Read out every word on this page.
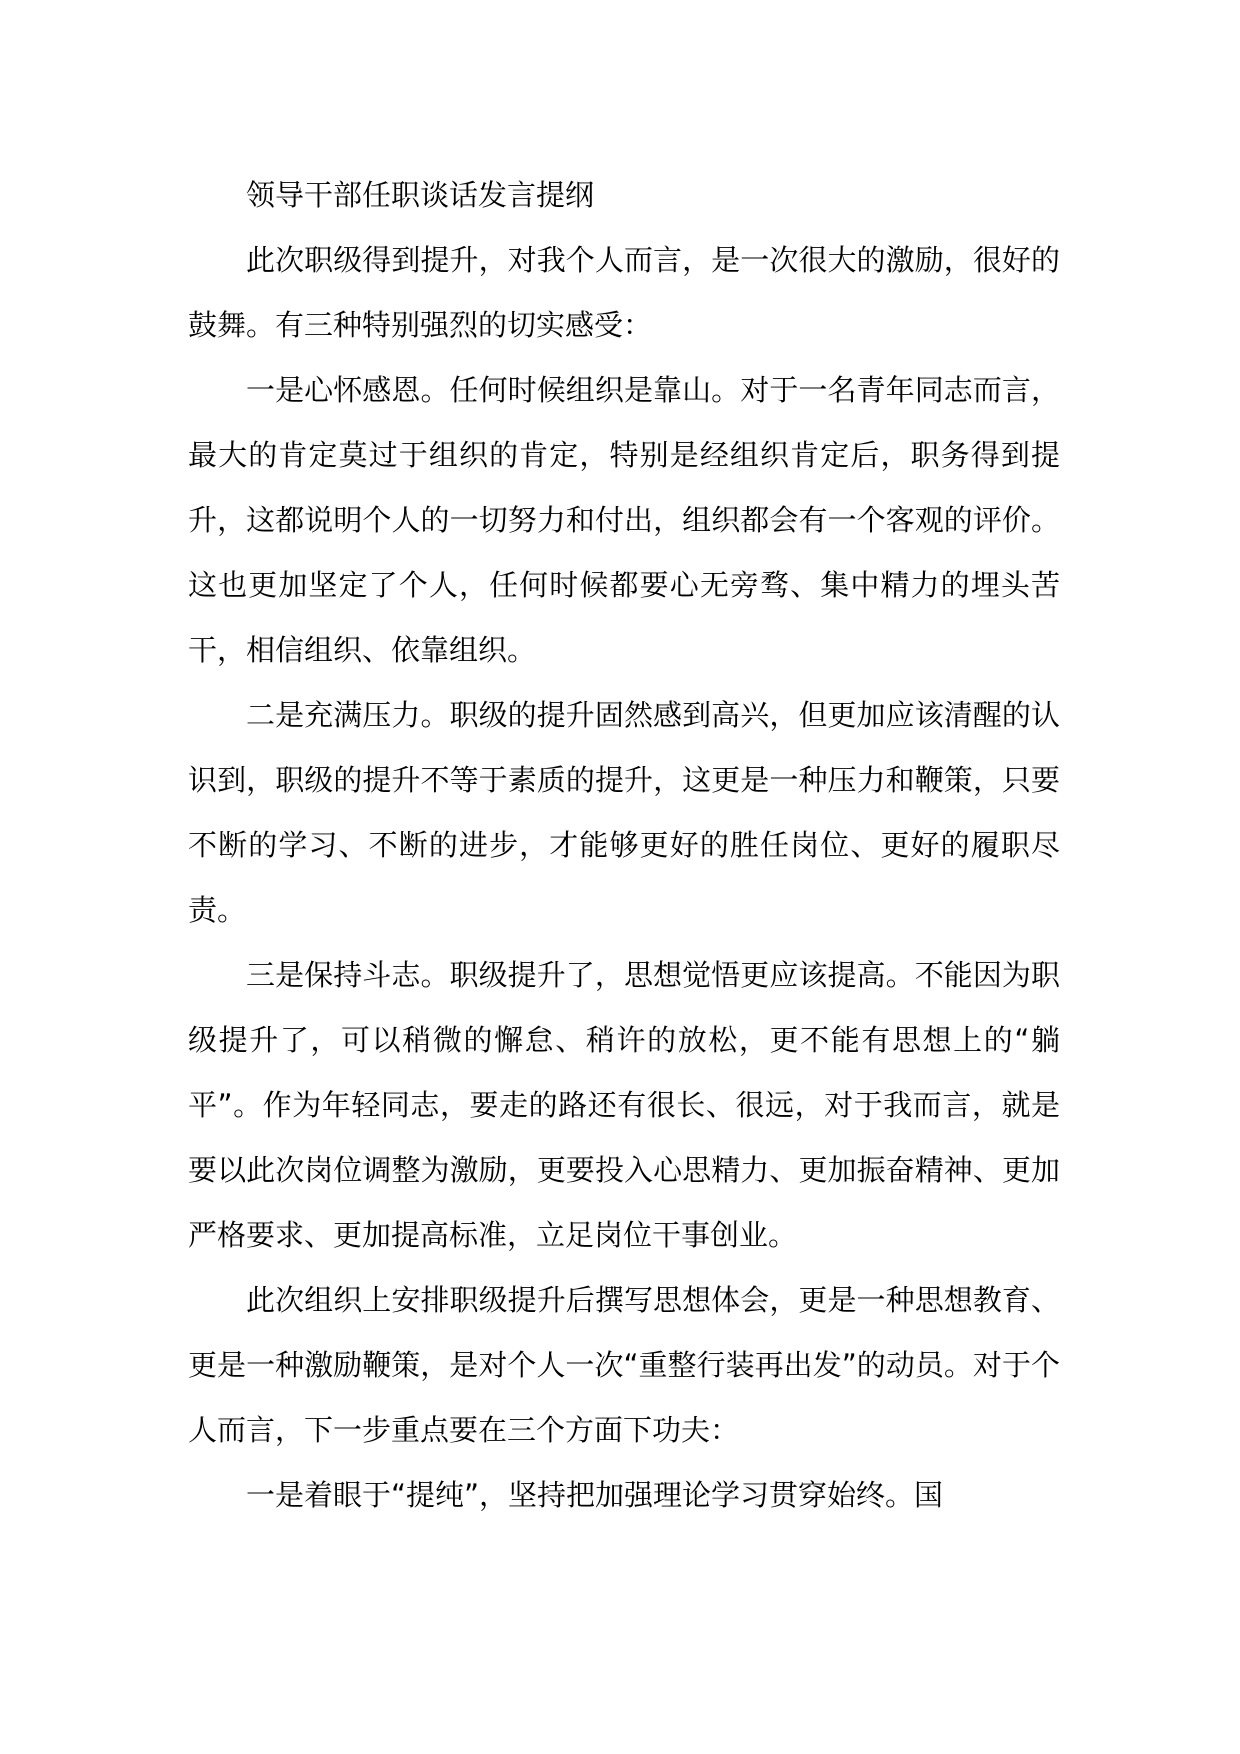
领导干部任职谈话发言提纲

此次职级得到提升，对我个人而言，是一次很大的激励，很好的鼓舞。有三种特别强烈的切实感受：

一是心怀感恩。任何时候组织是靠山。对于一名青年同志而言，最大的肯定莫过于组织的肯定，特别是经组织肯定后，职务得到提升，这都说明个人的一切努力和付出，组织都会有一个客观的评价。这也更加坚定了个人，任何时候都要心无旁骛、集中精力的埋头苦干，相信组织、依靠组织。

二是充满压力。职级的提升固然感到高兴，但更加应该清醒的认识到，职级的提升不等于素质的提升，这更是一种压力和鞭策，只要不断的学习、不断的进步，才能够更好的胜任岗位、更好的履职尽责。

三是保持斗志。职级提升了，思想觉悟更应该提高。不能因为职级提升了，可以稍微的懈怠、稍许的放松，更不能有思想上的“躺平”。作为年轻同志，要走的路还有很长、很远，对于我而言，就是要以此次岗位调整为激励，更要投入心思精力、更加振奋精神、更加严格要求、更加提高标准，立足岗位干事创业。

此次组织上安排职级提升后撰写思想体会，更是一种思想教育、更是一种激励鞭策，是对个人一次“重整行装再出发”的动员。对于个人而言，下一步重点要在三个方面下功夫：

一是着眼于“提纯”，坚持把加强理论学习贯穿始终。国
